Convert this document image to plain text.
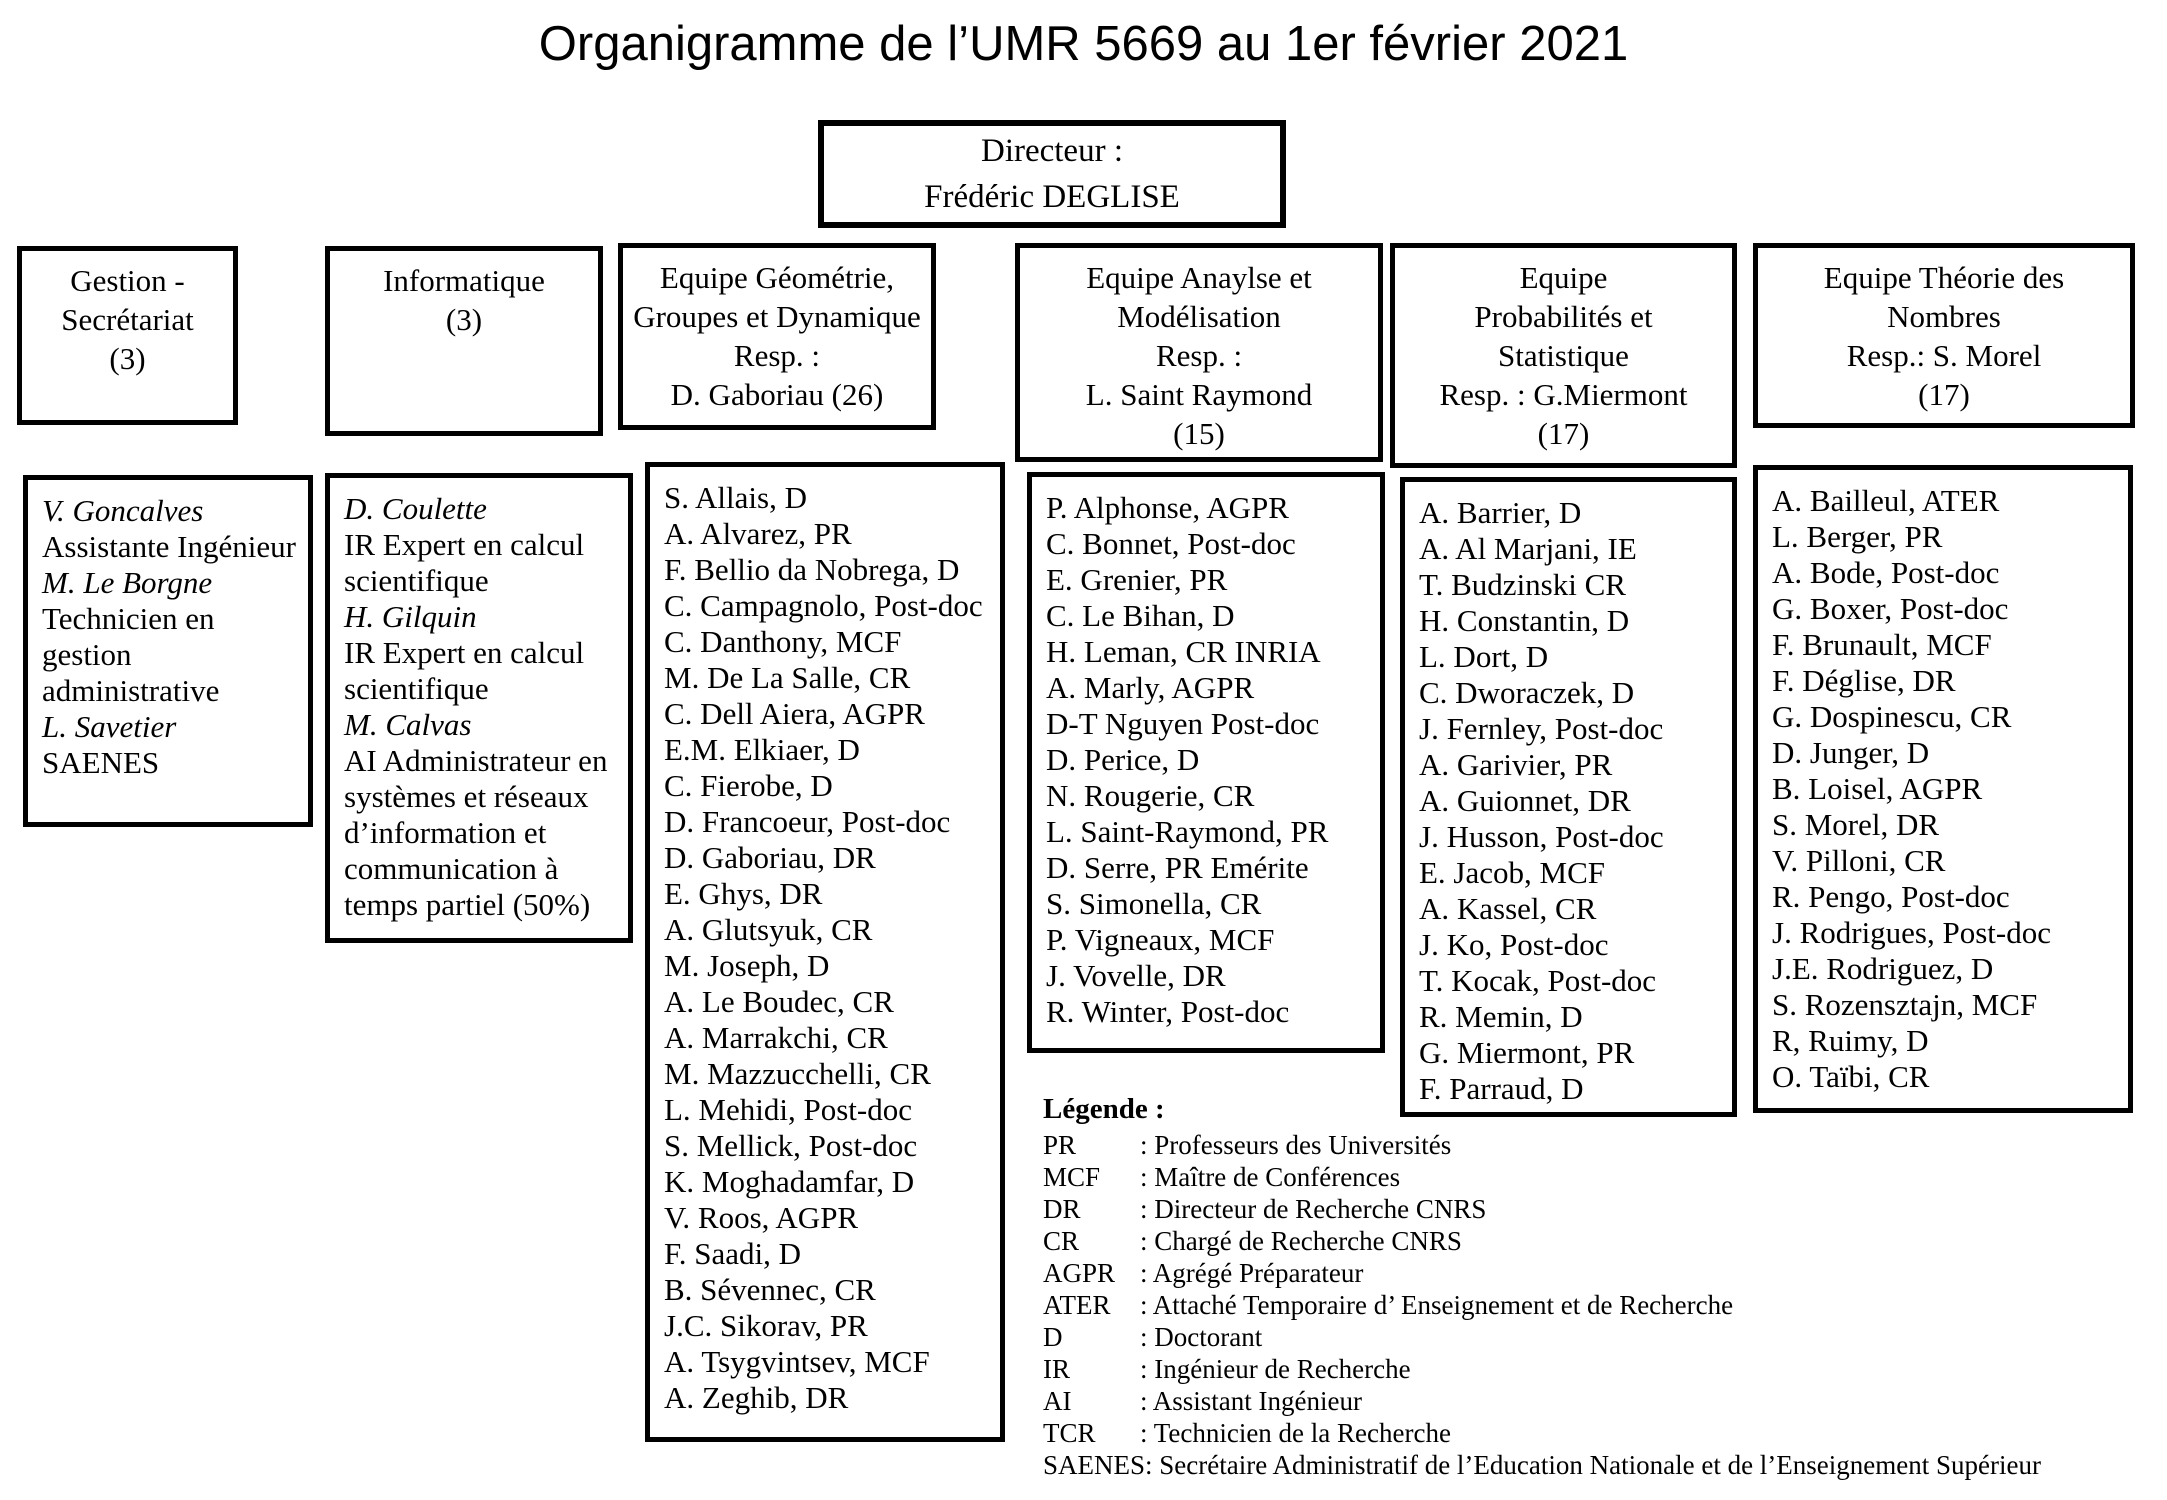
Organigramme de l’UMR 5669 au 1er février 2021
Directeur :
Frédéric DEGLISE
Gestion -
Secrétariat
(3)
Informatique
(3)
Equipe Géométrie,
Groupes et Dynamique
Resp. :
D. Gaboriau (26)
Equipe Anaylse et
Modélisation
Resp. :
L. Saint Raymond
(15)
Equipe
Probabilités et
Statistique
Resp. : G.Miermont
(17)
Equipe Théorie des
Nombres
Resp.: S. Morel
(17)
V. Goncalves
Assistante Ingénieur
M. Le Borgne
Technicien en gestion administrative
L. Savetier
SAENES
D. Coulette
IR Expert en calcul scientifique
H. Gilquin
IR Expert en calcul scientifique
M. Calvas
AI Administrateur en systèmes et réseaux d’information et communication à temps partiel (50%)
S. Allais, D
A. Alvarez, PR
F. Bellio da Nobrega, D
C. Campagnolo, Post-doc
C. Danthony, MCF
M. De La Salle, CR
C. Dell Aiera, AGPR
E.M. Elkiaer, D
C. Fierobe, D
D. Francoeur, Post-doc
D. Gaboriau, DR
E. Ghys, DR
A. Glutsyuk, CR
M. Joseph, D
A. Le Boudec, CR
A. Marrakchi, CR
M. Mazzucchelli, CR
L. Mehidi, Post-doc
S. Mellick, Post-doc
K. Moghadamfar, D
V. Roos, AGPR
F. Saadi, D
B. Sévennec, CR
J.C. Sikorav, PR
A. Tsygvintsev, MCF
A. Zeghib, DR
P. Alphonse, AGPR
C. Bonnet, Post-doc
E. Grenier, PR
C. Le Bihan, D
H. Leman, CR INRIA
A. Marly, AGPR
D-T Nguyen Post-doc
D. Perice, D
N. Rougerie, CR
L. Saint-Raymond, PR
D. Serre, PR Emérite
S. Simonella, CR
P. Vigneaux, MCF
J. Vovelle, DR
R. Winter, Post-doc
A. Barrier, D
A. Al Marjani, IE
T. Budzinski CR
H. Constantin, D
L. Dort, D
C. Dworaczek, D
J. Fernley, Post-doc
A. Garivier, PR
A. Guionnet, DR
J. Husson, Post-doc
E. Jacob, MCF
A. Kassel, CR
J. Ko, Post-doc
T. Kocak, Post-doc
R. Memin, D
G. Miermont, PR
F. Parraud, D
A. Bailleul, ATER
L. Berger, PR
A. Bode, Post-doc
G. Boxer, Post-doc
F. Brunault, MCF
F. Déglise, DR
G. Dospinescu, CR
D. Junger, D
B. Loisel, AGPR
S. Morel, DR
V. Pilloni, CR
R. Pengo, Post-doc
J. Rodrigues, Post-doc
J.E. Rodriguez, D
S. Rozensztajn, MCF
R, Ruimy, D
O. Taïbi, CR
Légende :
PR	: Professeurs des Universités
MCF	: Maître de Conférences
DR	: Directeur de Recherche CNRS
CR	: Chargé de Recherche CNRS
AGPR	: Agrégé Préparateur
ATER	: Attaché Temporaire d’ Enseignement et de Recherche
D	: Doctorant
IR	: Ingénieur de Recherche
AI	: Assistant Ingénieur
TCR	: Technicien de la Recherche
SAENES : Secrétaire Administratif de l’Education Nationale et de l’Enseignement Supérieur
